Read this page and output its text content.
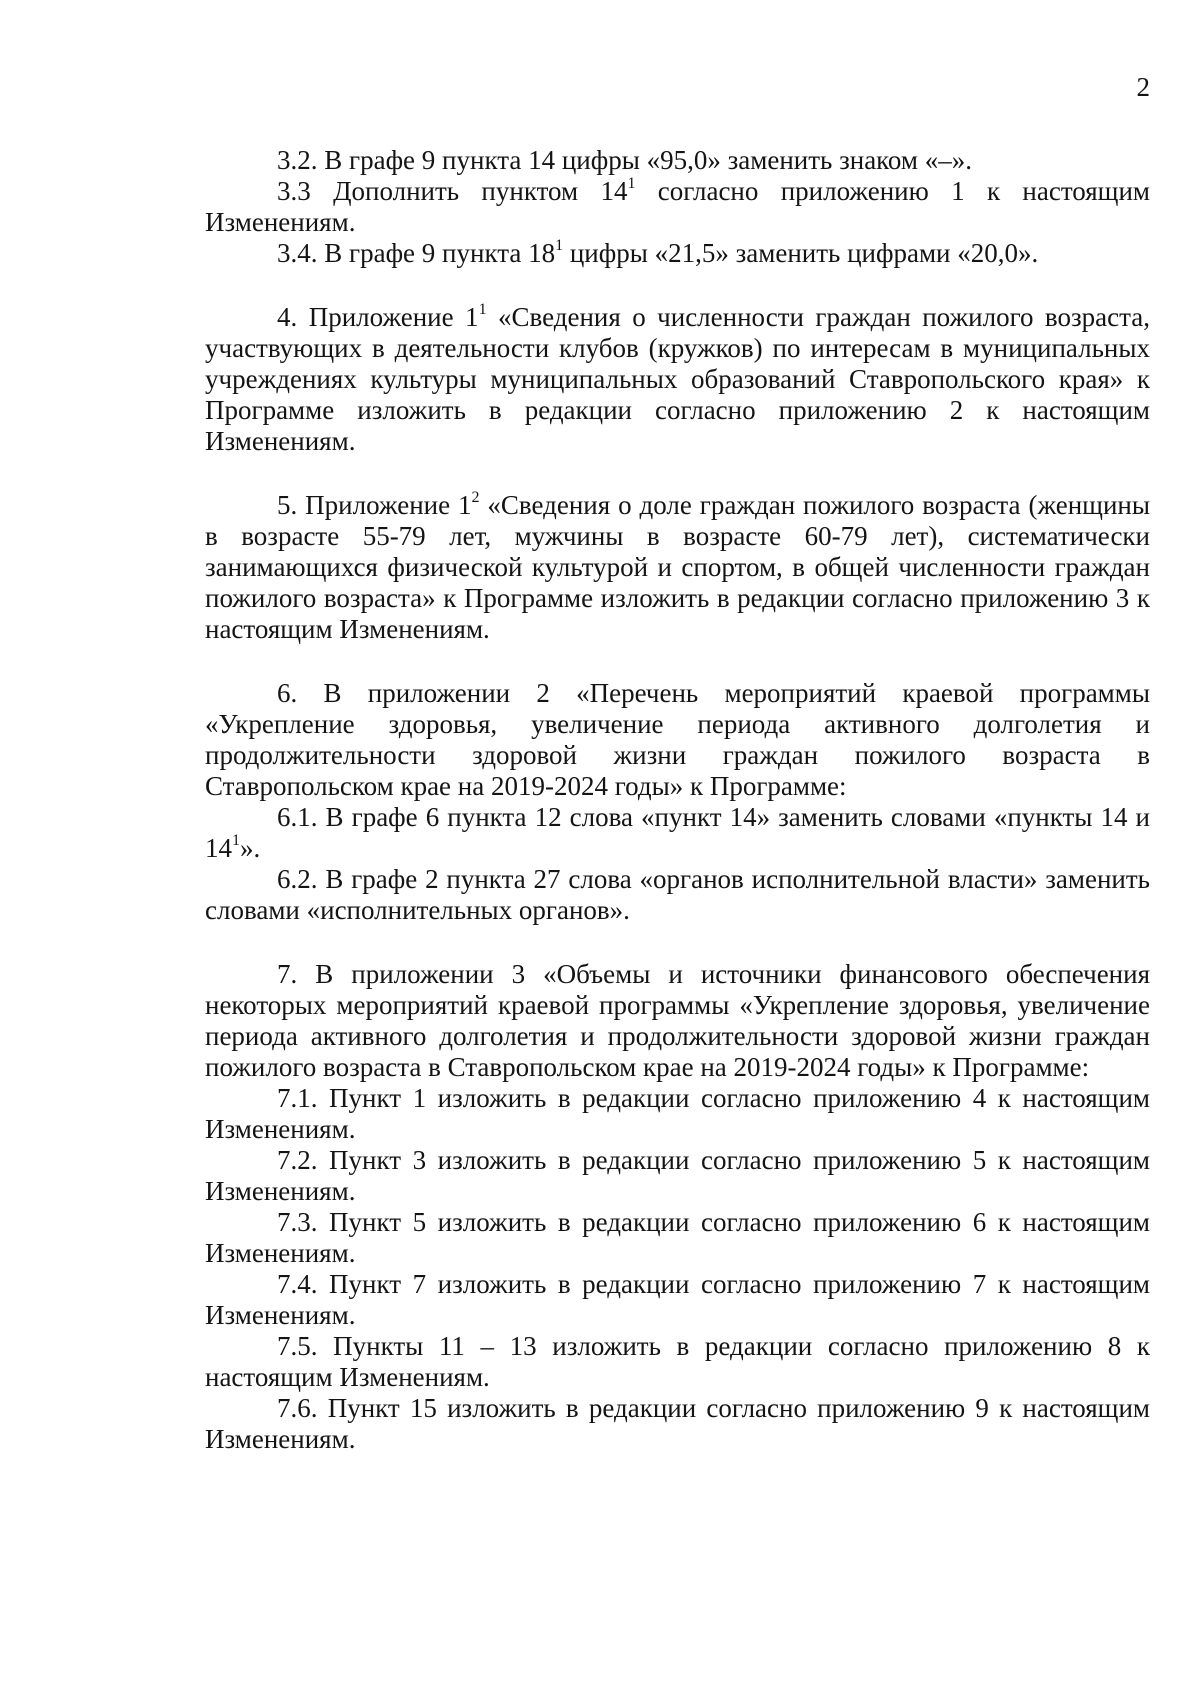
2

3.2. В графе 9 пункта 14 цифры «95,0» заменить знаком «–».

3.3 Дополнить пунктом $14^1$ согласно приложению 1 к настоящим Изменениям.

3.4. В графе 9 пункта $18^1$ цифры «21,5» заменить цифрами «20,0».

4. Приложение $1^1$ «Сведения о численности граждан пожилого возраста, участвующих в деятельности клубов (кружков) по интересам в муниципальных учреждениях культуры муниципальных образований Ставропольского края» к Программе изложить в редакции согласно приложению 2 к настоящим Изменениям.

5. Приложение $1^2$ «Сведения о доле граждан пожилого возраста (женщины в возрасте 55-79 лет, мужчины в возрасте 60-79 лет), систематически занимающихся физической культурой и спортом, в общей численности граждан пожилого возраста» к Программе изложить в редакции согласно приложению 3 к настоящим Изменениям.

6. В приложении 2 «Перечень мероприятий краевой программы «Укрепление здоровья, увеличение периода активного долголетия и продолжительности здоровой жизни граждан пожилого возраста в Ставропольском крае на 2019-2024 годы» к Программе:

6.1. В графе 6 пункта 12 слова «пункт 14» заменить словами «пункты 14 и $14^1$».

6.2. В графе 2 пункта 27 слова «органов исполнительной власти» заменить словами «исполнительных органов».

7. В приложении 3 «Объемы и источники финансового обеспечения некоторых мероприятий краевой программы «Укрепление здоровья, увеличение периода активного долголетия и продолжительности здоровой жизни граждан пожилого возраста в Ставропольском крае на 2019-2024 годы» к Программе:

7.1. Пункт 1 изложить в редакции согласно приложению 4 к настоящим Изменениям.

7.2. Пункт 3 изложить в редакции согласно приложению 5 к настоящим Изменениям.

7.3. Пункт 5 изложить в редакции согласно приложению 6 к настоящим Изменениям.

7.4. Пункт 7 изложить в редакции согласно приложению 7 к настоящим Изменениям.

7.5. Пункты 11 – 13 изложить в редакции согласно приложению 8 к настоящим Изменениям.

7.6. Пункт 15 изложить в редакции согласно приложению 9 к настоящим Изменениям.
